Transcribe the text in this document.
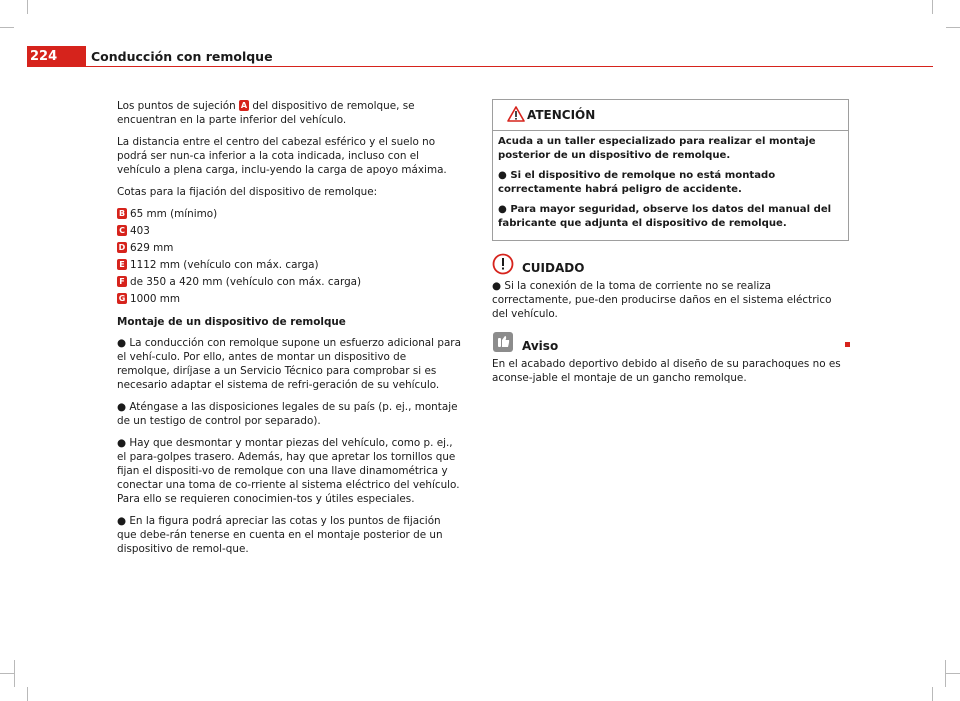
224	Conducción con remolque

Los puntos de sujeción A del dispositivo de remolque, se encuentran en la parte inferior del vehículo.

La distancia entre el centro del cabezal esférico y el suelo no podrá ser nun-ca inferior a la cota indicada, incluso con el vehículo a plena carga, inclu-yendo la carga de apoyo máxima.

Cotas para la fijación del dispositivo de remolque:

B 65 mm (mínimo)
C 403
D 629 mm
E 1112 mm (vehículo con máx. carga)
F de 350 a 420 mm (vehículo con máx. carga)
G 1000 mm
Montaje de un dispositivo de remolque
● La conducción con remolque supone un esfuerzo adicional para el vehí-culo. Por ello, antes de montar un dispositivo de remolque, diríjase a un Servicio Técnico para comprobar si es necesario adaptar el sistema de refri-geración de su vehículo.
● Aténgase a las disposiciones legales de su país (p. ej., montaje de un testigo de control por separado).
● Hay que desmontar y montar piezas del vehículo, como p. ej., el para-golpes trasero. Además, hay que apretar los tornillos que fijan el dispositi-vo de remolque con una llave dinamométrica y conectar una toma de co-rriente al sistema eléctrico del vehículo. Para ello se requieren conocimien-tos y útiles especiales.
● En la figura podrá apreciar las cotas y los puntos de fijación que debe-rán tenerse en cuenta en el montaje posterior de un dispositivo de remol-que.
ATENCIÓN

Acuda a un taller especializado para realizar el montaje posterior de un dispositivo de remolque.

● Si el dispositivo de remolque no está montado correctamente habrá peligro de accidente.

● Para mayor seguridad, observe los datos del manual del fabricante que adjunta el dispositivo de remolque.

CUIDADO

● Si la conexión de la toma de corriente no se realiza correctamente, pue-den producirse daños en el sistema eléctrico del vehículo.

Aviso

En el acabado deportivo debido al diseño de su parachoques no es aconse-jable el montaje de un gancho remolque.
